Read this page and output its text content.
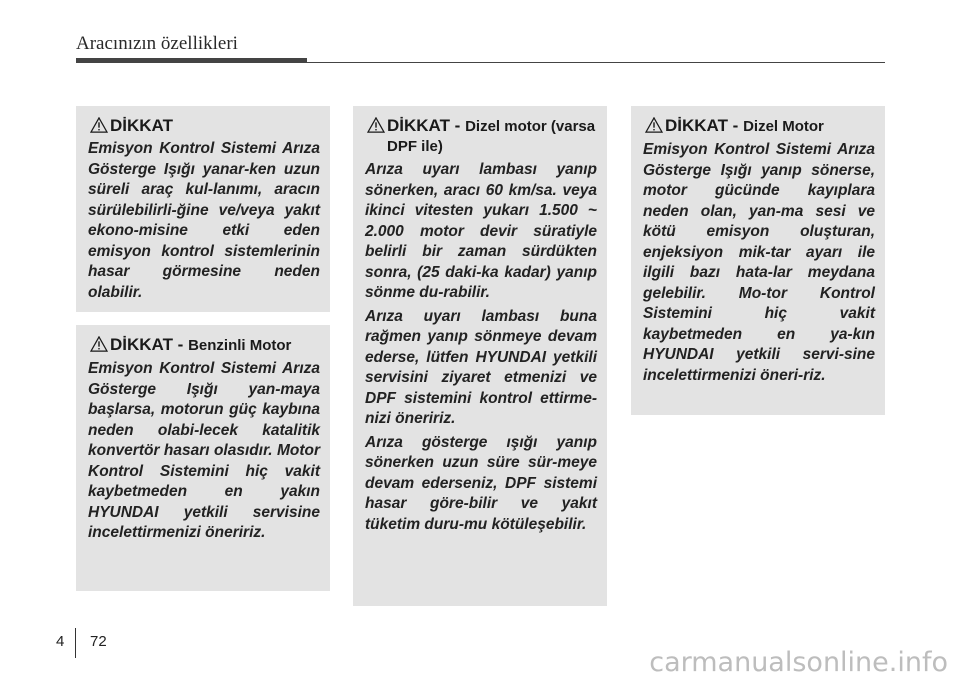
Aracınızın özellikleri
DİKKAT

Emisyon Kontrol Sistemi Arıza Gösterge Işığı yanar-ken uzun süreli araç kul-lanımı, aracın sürülebilirli-ğine ve/veya yakıt ekono-misine etki eden emisyon kontrol sistemlerinin hasar görmesine neden olabilir.

DİKKAT - Benzinli Motor

Emisyon Kontrol Sistemi Arıza Gösterge Işığı yan-maya başlarsa, motorun güç kaybına neden olabi-lecek katalitik konvertör hasarı olasıdır. Motor Kontrol Sistemini hiç vakit kaybetmeden en yakın HYUNDAI yetkili servisine incelettirmenizi öneririz.

DİKKAT - Dizel motor (varsa DPF ile)

Arıza uyarı lambası yanıp sönerken, aracı 60 km/sa. veya ikinci vitesten yukarı 1.500 ~ 2.000 motor devir süratiyle belirli bir zaman sürdükten sonra, (25 daki-ka kadar) yanıp sönme du-rabilir.

Arıza uyarı lambası buna rağmen yanıp sönmeye devam ederse, lütfen HYUNDAI yetkili servisini ziyaret etmenizi ve DPF sistemini kontrol ettirme-nizi öneririz.

Arıza gösterge ışığı yanıp sönerken uzun süre sür-meye devam ederseniz, DPF sistemi hasar göre-bilir ve yakıt tüketim duru-mu kötüleşebilir.

DİKKAT - Dizel Motor

Emisyon Kontrol Sistemi Arıza Gösterge Işığı yanıp sönerse, motor gücünde kayıplara neden olan, yan-ma sesi ve kötü emisyon oluşturan, enjeksiyon mik-tar ayarı ile ilgili bazı hata-lar meydana gelebilir. Mo-tor Kontrol Sistemini hiç vakit kaybetmeden en ya-kın HYUNDAI yetkili servi-sine incelettirmenizi öneri-riz.

4 72
carmanualsonline.info
